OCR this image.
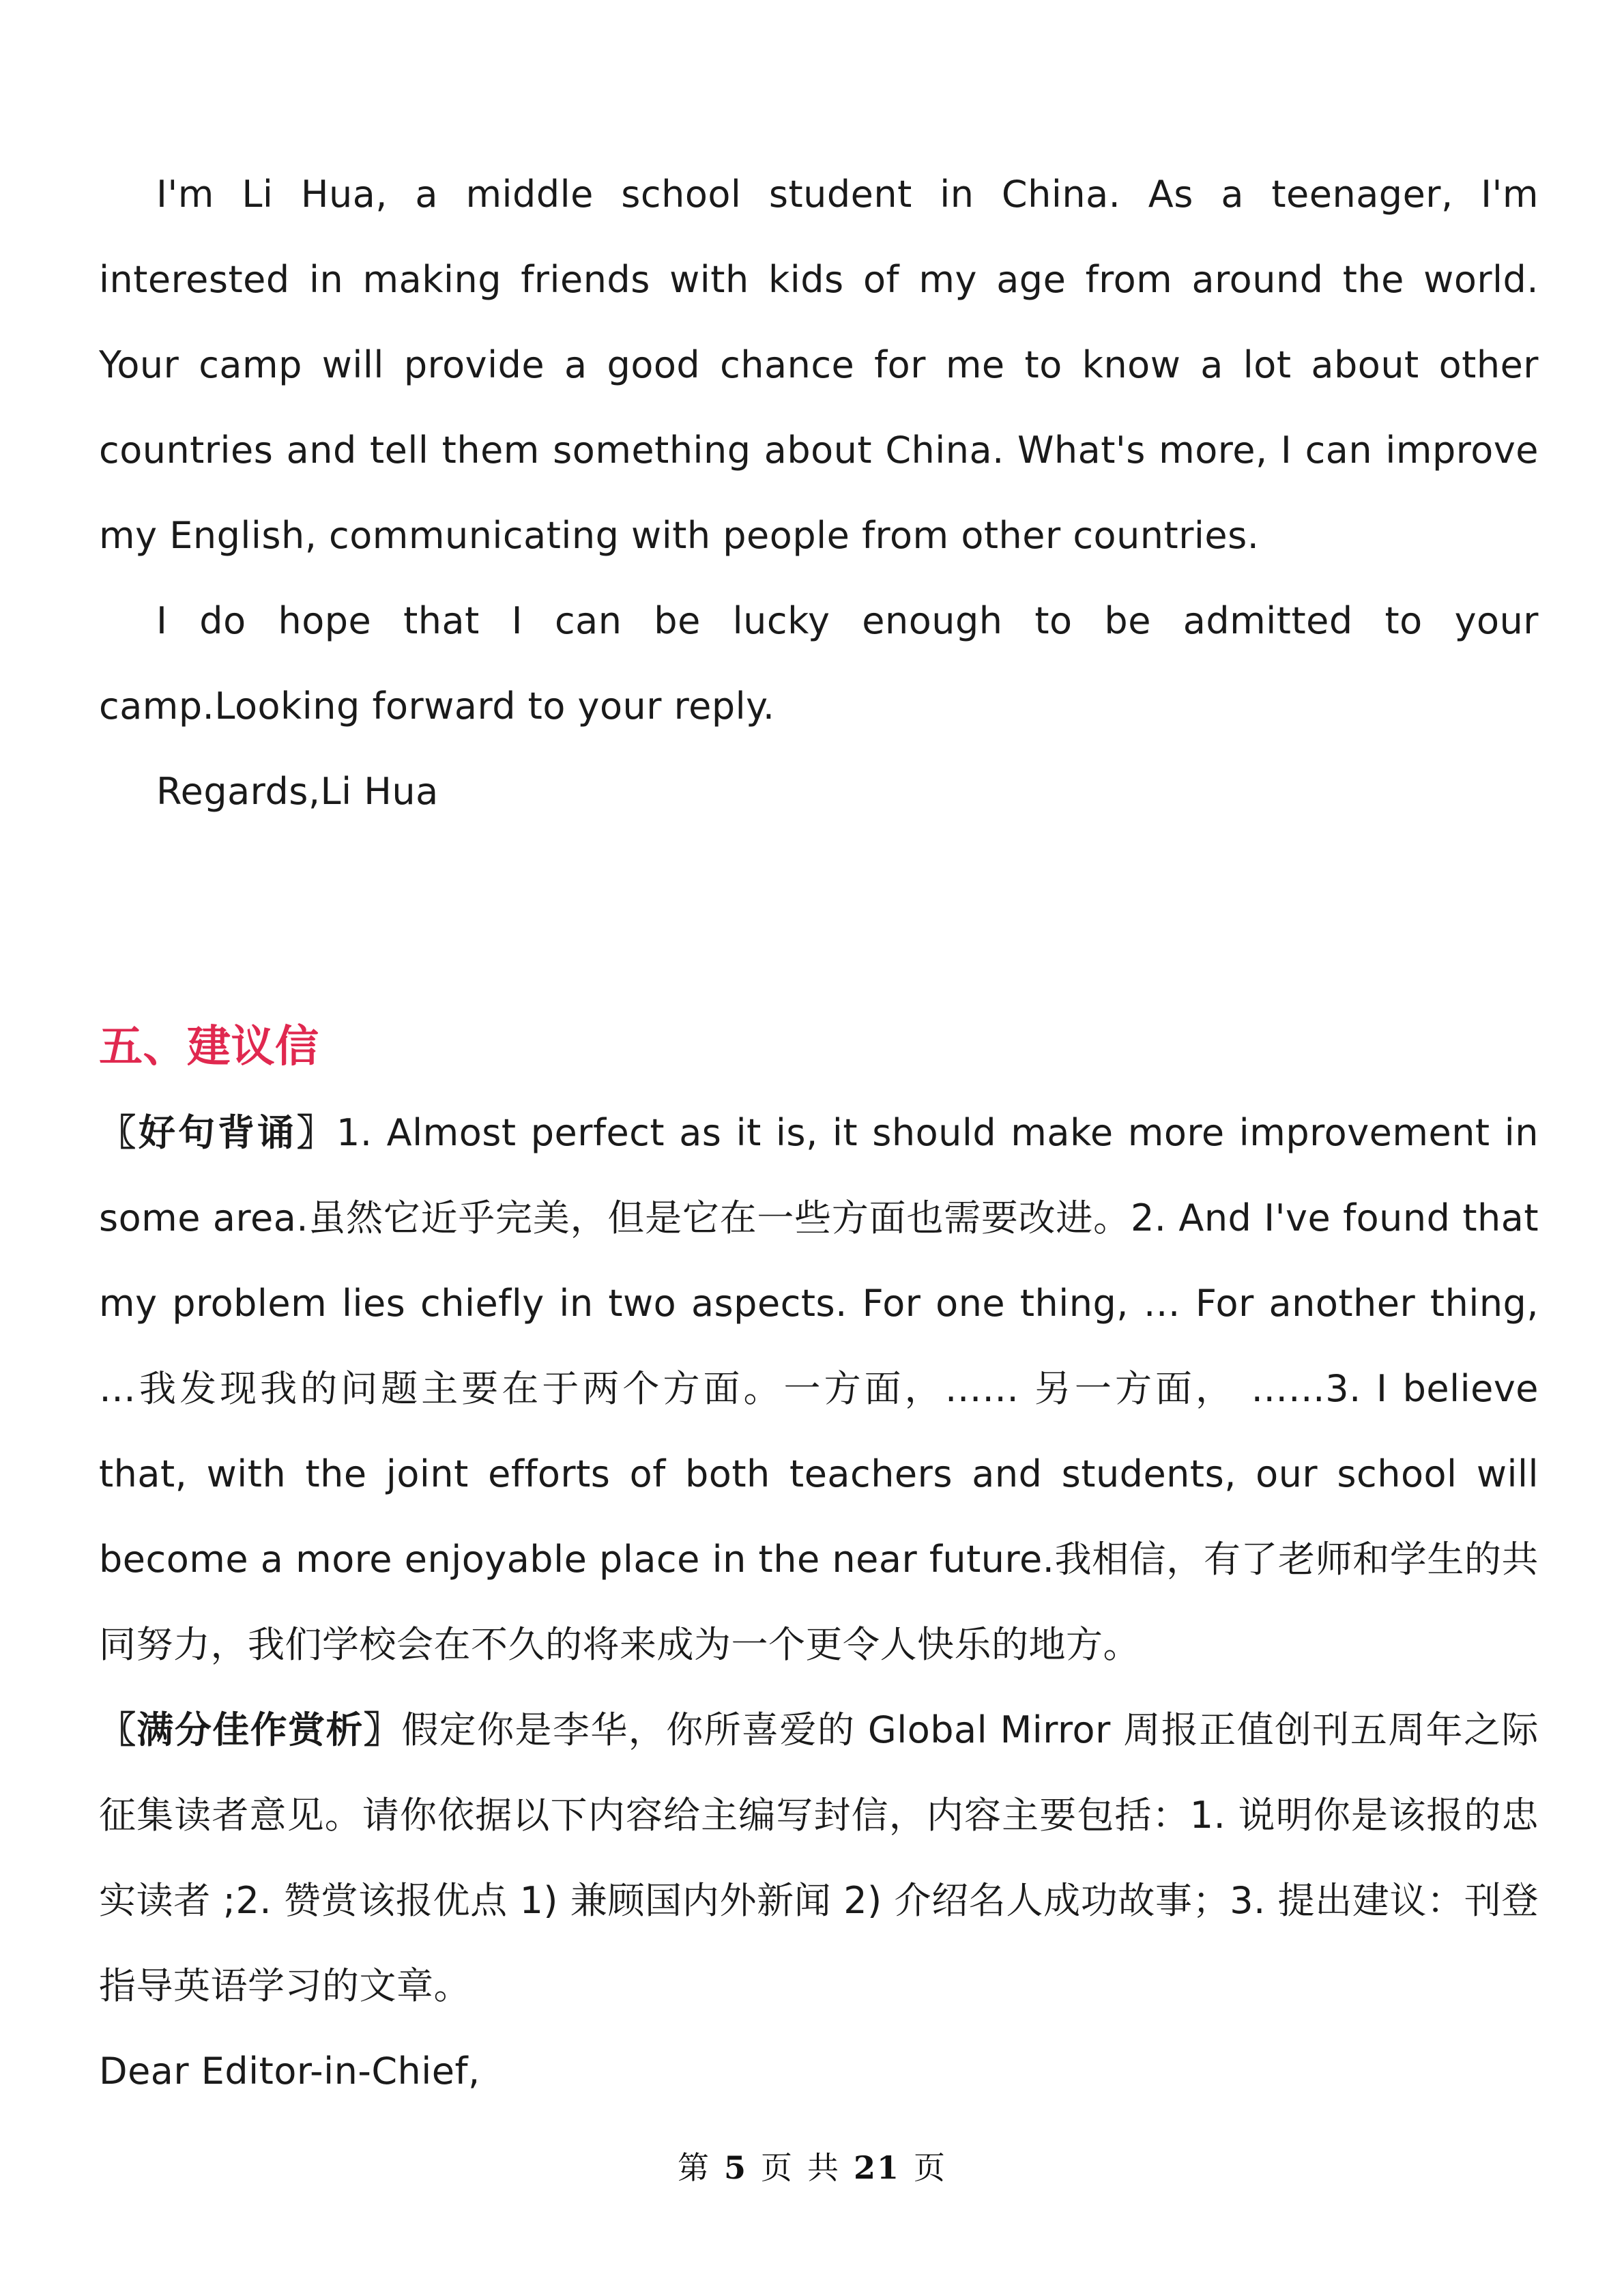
I'm Li Hua, a middle school student in China. As a teenager, I'm interested in making friends with kids of my age from around the world. Your camp will provide a good chance for me to know a lot about other countries and tell them something about China. What's more, I can improve my English, communicating with people from other countries.

I do hope that I can be lucky enough to be admitted to your camp.Looking forward to your reply.

Regards,Li Hua

五、建议信

〖好句背诵〗1. Almost perfect as it is, it should make more improvement in some area.虽然它近乎完美，但是它在一些方面也需要改进。2. And I've found that my problem lies chiefly in two aspects. For one thing, … For another thing, …我发现我的问题主要在于两个方面。一方面，…… 另一方面， ……3. I believe that, with the joint efforts of both teachers and students, our school will become a more enjoyable place in the near future.我相信，有了老师和学生的共同努力，我们学校会在不久的将来成为一个更令人快乐的地方。

〖满分佳作赏析〗假定你是李华，你所喜爱的 Global Mirror 周报正值创刊五周年之际征集读者意见。请你依据以下内容给主编写封信，内容主要包括：1. 说明你是该报的忠实读者 ;2. 赞赏该报优点 1) 兼顾国内外新闻 2) 介绍名人成功故事；3. 提出建议：刊登指导英语学习的文章。

Dear Editor-in-Chief,

第 5 页 共 21 页
